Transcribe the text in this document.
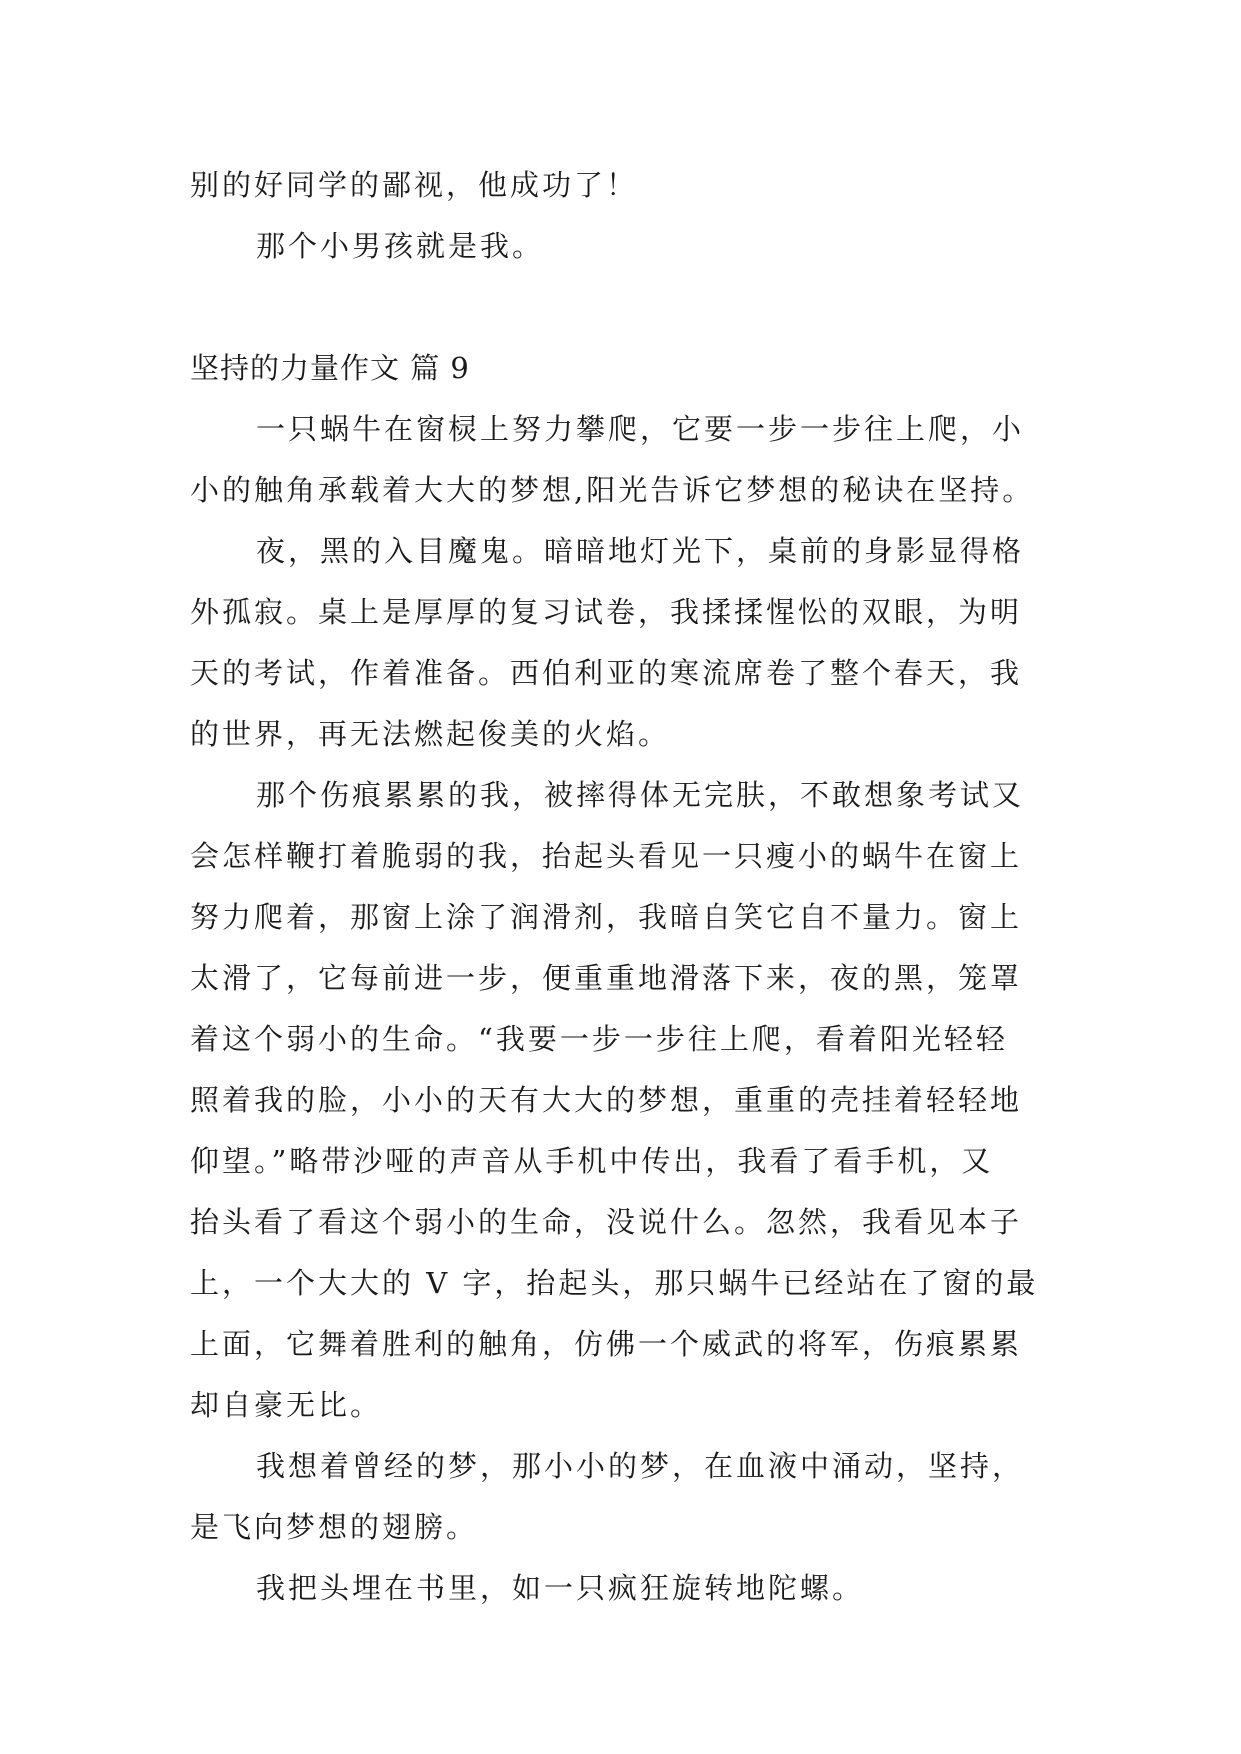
别的好同学的鄙视，他成功了！
那个小男孩就是我。
坚持的力量作文 篇 9
一只蜗牛在窗棂上努力攀爬，它要一步一步往上爬，小
小的触角承载着大大的梦想,阳光告诉它梦想的秘诀在坚持。
夜，黑的入目魔鬼。暗暗地灯光下，桌前的身影显得格
外孤寂。桌上是厚厚的复习试卷，我揉揉惺忪的双眼，为明
天的考试，作着准备。西伯利亚的寒流席卷了整个春天，我
的世界，再无法燃起俊美的火焰。
那个伤痕累累的我，被摔得体无完肤，不敢想象考试又
会怎样鞭打着脆弱的我，抬起头看见一只瘦小的蜗牛在窗上
努力爬着，那窗上涂了润滑剂，我暗自笑它自不量力。窗上
太滑了，它每前进一步，便重重地滑落下来，夜的黑，笼罩
着这个弱小的生命。“我要一步一步往上爬，看着阳光轻轻
照着我的脸，小小的天有大大的梦想，重重的壳挂着轻轻地
仰望。”略带沙哑的声音从手机中传出，我看了看手机，又
抬头看了看这个弱小的生命，没说什么。忽然，我看见本子
上，一个大大的 V 字，抬起头，那只蜗牛已经站在了窗的最
上面，它舞着胜利的触角，仿佛一个威武的将军，伤痕累累
却自豪无比。
我想着曾经的梦，那小小的梦，在血液中涌动，坚持，
是飞向梦想的翅膀。
我把头埋在书里，如一只疯狂旋转地陀螺。
